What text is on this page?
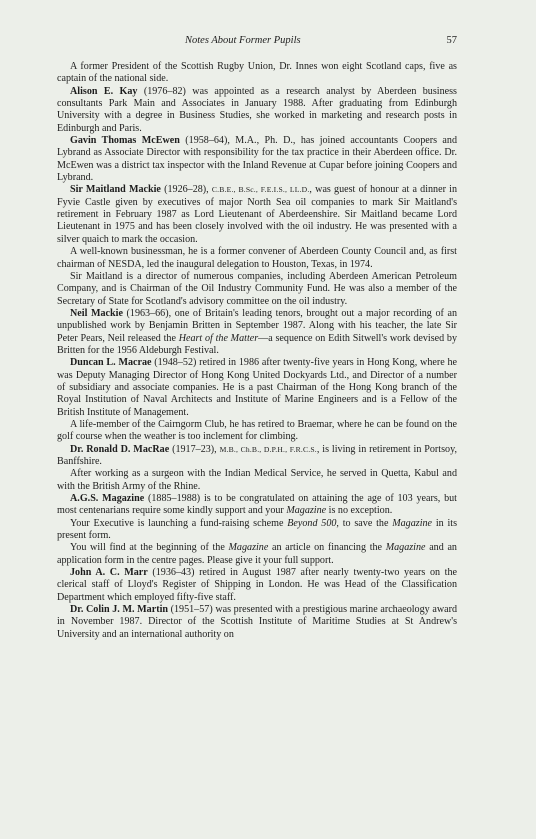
Notes About Former Pupils	57

A former President of the Scottish Rugby Union, Dr. Innes won eight Scotland caps, five as captain of the national side.

Alison E. Kay (1976–82) was appointed as a research analyst by Aberdeen business consultants Park Main and Associates in January 1988. After graduating from Edinburgh University with a degree in Business Studies, she worked in marketing and research posts in Edinburgh and Paris.

Gavin Thomas McEwen (1958–64), M.A., Ph. D., has joined accountants Coopers and Lybrand as Associate Director with responsibility for the tax practice in their Aberdeen office. Dr. McEwen was a district tax inspector with the Inland Revenue at Cupar before joining Coopers and Lybrand.

Sir Maitland Mackie (1926–28), C.B.E., B.Sc., F.E.I.S., LL.D., was guest of honour at a dinner in Fyvie Castle given by executives of major North Sea oil companies to mark Sir Maitland's retirement in February 1987 as Lord Lieutenant of Aberdeenshire. Sir Maitland became Lord Lieutenant in 1975 and has been closely involved with the oil industry. He was presented with a silver quaich to mark the occasion.

A well-known businessman, he is a former convener of Aberdeen County Council and, as first chairman of NESDA, led the inaugural delegation to Houston, Texas, in 1974.

Sir Maitland is a director of numerous companies, including Aberdeen American Petroleum Company, and is Chairman of the Oil Industry Community Fund. He was also a member of the Secretary of State for Scotland's advisory committee on the oil industry.

Neil Mackie (1963–66), one of Britain's leading tenors, brought out a major recording of an unpublished work by Benjamin Britten in September 1987. Along with his teacher, the late Sir Peter Pears, Neil released the Heart of the Matter—a sequence on Edith Sitwell's work devised by Britten for the 1956 Aldeburgh Festival.

Duncan L. Macrae (1948–52) retired in 1986 after twenty-five years in Hong Kong, where he was Deputy Managing Director of Hong Kong United Dockyards Ltd., and Director of a number of subsidiary and associate companies. He is a past Chairman of the Hong Kong branch of the Royal Institution of Naval Architects and Institute of Marine Engineers and is a Fellow of the British Institute of Management.

A life-member of the Cairngorm Club, he has retired to Braemar, where he can be found on the golf course when the weather is too inclement for climbing.

Dr. Ronald D. MacRae (1917–23), M.B., Ch.B., D.P.H., F.R.C.S., is living in retirement in Portsoy, Banffshire.

After working as a surgeon with the Indian Medical Service, he served in Quetta, Kabul and with the British Army of the Rhine.

A.G.S. Magazine (1885–1988) is to be congratulated on attaining the age of 103 years, but most centenarians require some kindly support and your Magazine is no exception.

Your Executive is launching a fund-raising scheme Beyond 500, to save the Magazine in its present form.

You will find at the beginning of the Magazine an article on financing the Magazine and an application form in the centre pages. Please give it your full support.

John A. C. Marr (1936–43) retired in August 1987 after nearly twenty-two years on the clerical staff of Lloyd's Register of Shipping in London. He was Head of the Classification Department which employed fifty-five staff.

Dr. Colin J. M. Martin (1951–57) was presented with a prestigious marine archaeology award in November 1987. Director of the Scottish Institute of Maritime Studies at St Andrew's University and an international authority on
